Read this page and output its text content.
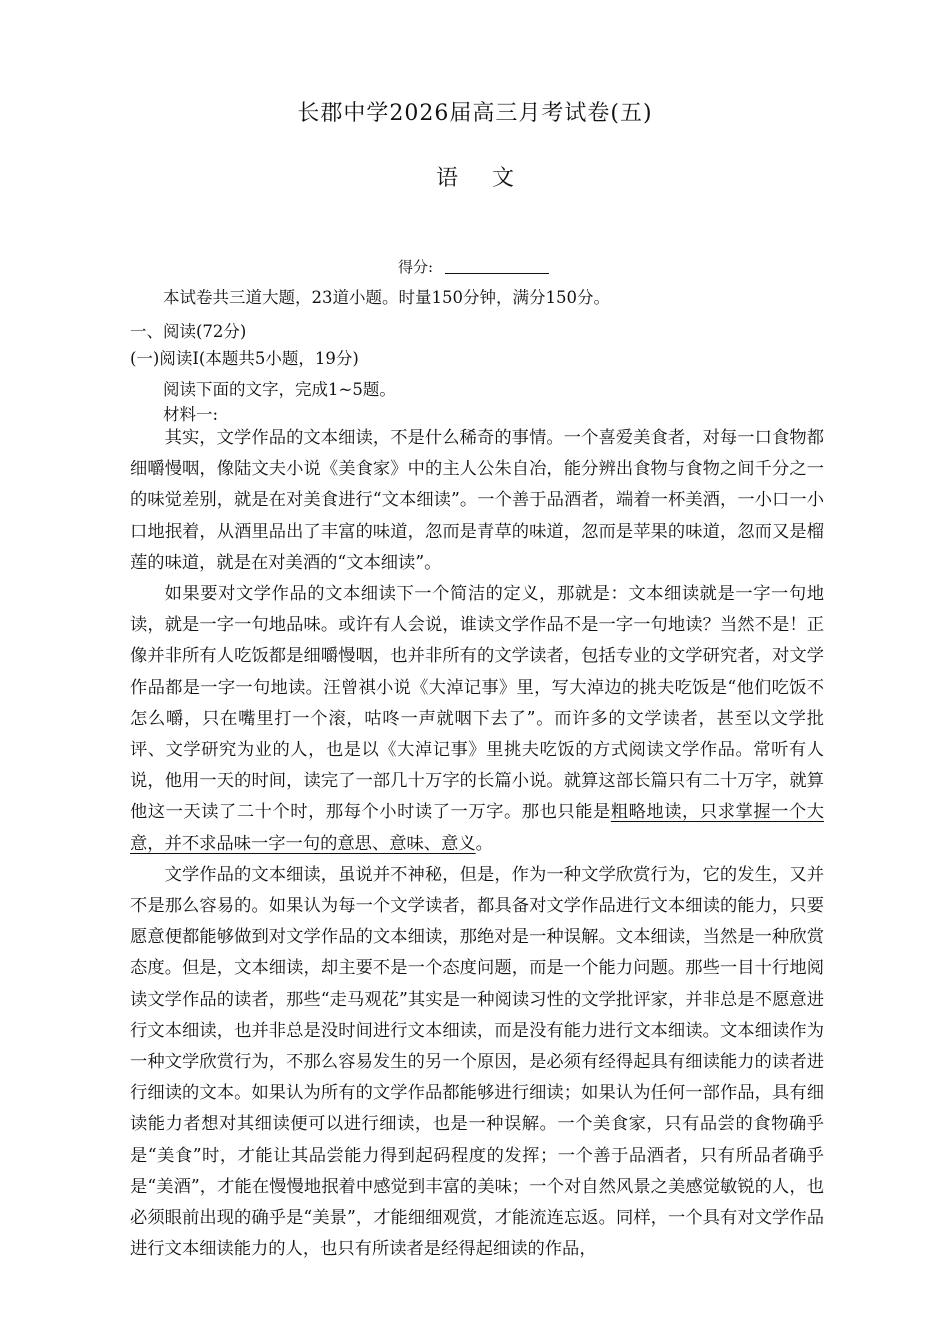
长郡中学2026届高三月考试卷(五)
语文
得分:
本试卷共三道大题，23道小题。时量150分钟，满分150分。
一、阅读(72分)
(一)阅读Ⅰ(本题共5小题，19分)
阅读下面的文字，完成1~5题。
材料一:

其实，文学作品的文本细读，不是什么稀奇的事情。一个喜爱美食者，对每一口食物都细嚼慢咽，像陆文夫小说《美食家》中的主人公朱自冶，能分辨出食物与食物之间千分之一的味觉差别，就是在对美食进行“文本细读”。一个善于品酒者，端着一杯美酒，一小口一小口地抿着，从酒里品出了丰富的味道，忽而是青草的味道，忽而是苹果的味道，忽而又是榴莲的味道，就是在对美酒的“文本细读”。

如果要对文学作品的文本细读下一个简洁的定义，那就是：文本细读就是一字一句地读，就是一字一句地品味。或许有人会说，谁读文学作品不是一字一句地读？当然不是！正像并非所有人吃饭都是细嚼慢咽，也并非所有的文学读者，包括专业的文学研究者，对文学作品都是一字一句地读。汪曾祺小说《大淖记事》里，写大淖边的挑夫吃饭是“他们吃饭不怎么嚼，只在嘴里打一个滚，咕咚一声就咽下去了”。而许多的文学读者，甚至以文学批评、文学研究为业的人，也是以《大淖记事》里挑夫吃饭的方式阅读文学作品。常听有人说，他用一天的时间，读完了一部几十万字的长篇小说。就算这部长篇只有二十万字，就算他这一天读了二十个时，那每个小时读了一万字。那也只能是粗略地读，只求掌握一个大意，并不求品味一字一句的意思、意味、意义。

文学作品的文本细读，虽说并不神秘，但是，作为一种文学欣赏行为，它的发生，又并不是那么容易的。如果认为每一个文学读者，都具备对文学作品进行文本细读的能力，只要愿意便都能够做到对文学作品的文本细读，那绝对是一种误解。文本细读，当然是一种欣赏态度。但是，文本细读，却主要不是一个态度问题，而是一个能力问题。那些一目十行地阅读文学作品的读者，那些“走马观花”其实是一种阅读习性的文学批评家，并非总是不愿意进行文本细读，也并非总是没时间进行文本细读，而是没有能力进行文本细读。文本细读作为一种文学欣赏行为，不那么容易发生的另一个原因，是必须有经得起具有细读能力的读者进行细读的文本。如果认为所有的文学作品都能够进行细读；如果认为任何一部作品，具有细读能力者想对其细读便可以进行细读，也是一种误解。一个美食家，只有品尝的食物确乎是“美食”时，才能让其品尝能力得到起码程度的发挥；一个善于品酒者，只有所品者确乎是“美酒”，才能在慢慢地抿着中感觉到丰富的美味；一个对自然风景之美感觉敏锐的人，也必须眼前出现的确乎是“美景”，才能细细观赏，才能流连忘返。同样，一个具有对文学作品进行文本细读能力的人，也只有所读者是经得起细读的作品，
